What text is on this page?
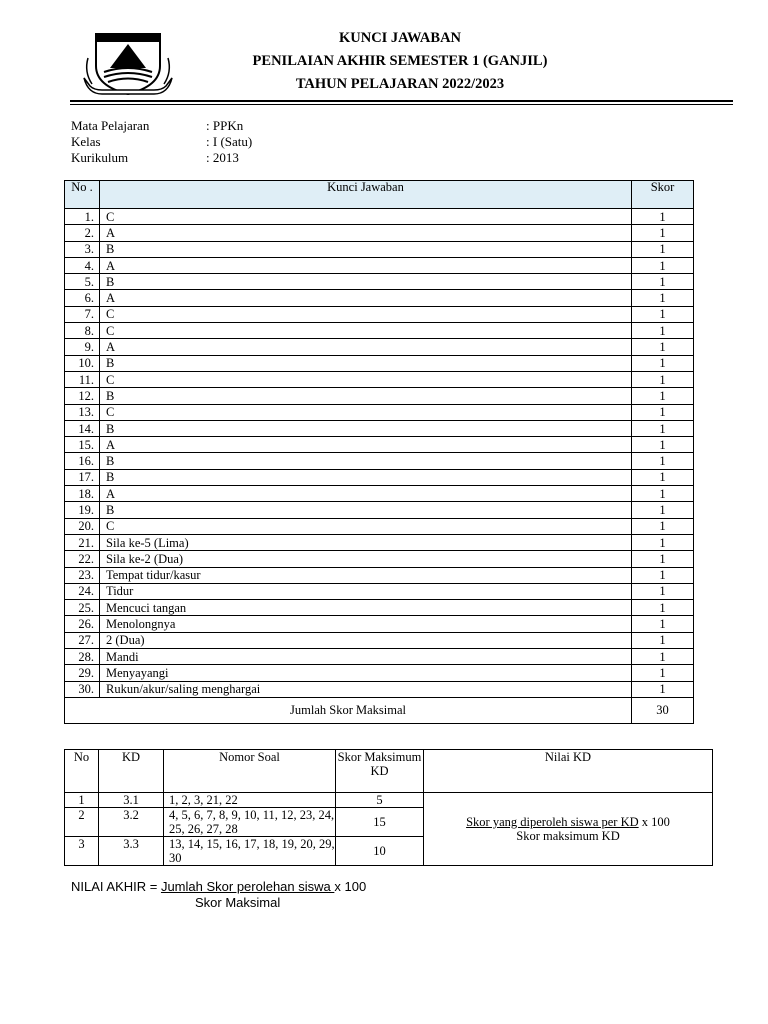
KUNCI JAWABAN
PENILAIAN AKHIR SEMESTER 1 (GANJIL)
TAHUN PELAJARAN 2022/2023
Mata Pelajaran	: PPKn
Kelas	: I (Satu)
Kurikulum	: 2013
No .	Kunci Jawaban	Skor
1.	C	1
2.	A	1
3.	B	1
4.	A	1
5.	B	1
6.	A	1
7.	C	1
8.	C	1
9.	A	1
10.	B	1
11.	C	1
12.	B	1
13.	C	1
14.	B	1
15.	A	1
16.	B	1
17.	B	1
18.	A	1
19.	B	1
20.	C	1
21.	Sila ke-5 (Lima)	1
22.	Sila ke-2 (Dua)	1
23.	Tempat tidur/kasur	1
24.	Tidur	1
25.	Mencuci tangan	1
26.	Menolongnya	1
27.	2 (Dua)	1
28.	Mandi	1
29.	Menyayangi	1
30.	Rukun/akur/saling menghargai	1
Jumlah Skor Maksimal		30
No	KD	Nomor Soal	Skor Maksimum KD	Nilai KD
1	3.1	1, 2, 3, 21, 22	5	Skor yang diperoleh siswa per KD x 100
Skor maksimum KD

2	3.2	4, 5, 6, 7, 8, 9, 10, 11, 12, 23, 24, 25, 26, 27, 28	15	
3	3.3	13, 14, 15, 16, 17, 18, 19, 20, 29, 30	10	
NILAI AKHIR = Jumlah Skor perolehan siswa x 100
Skor Maksimal
